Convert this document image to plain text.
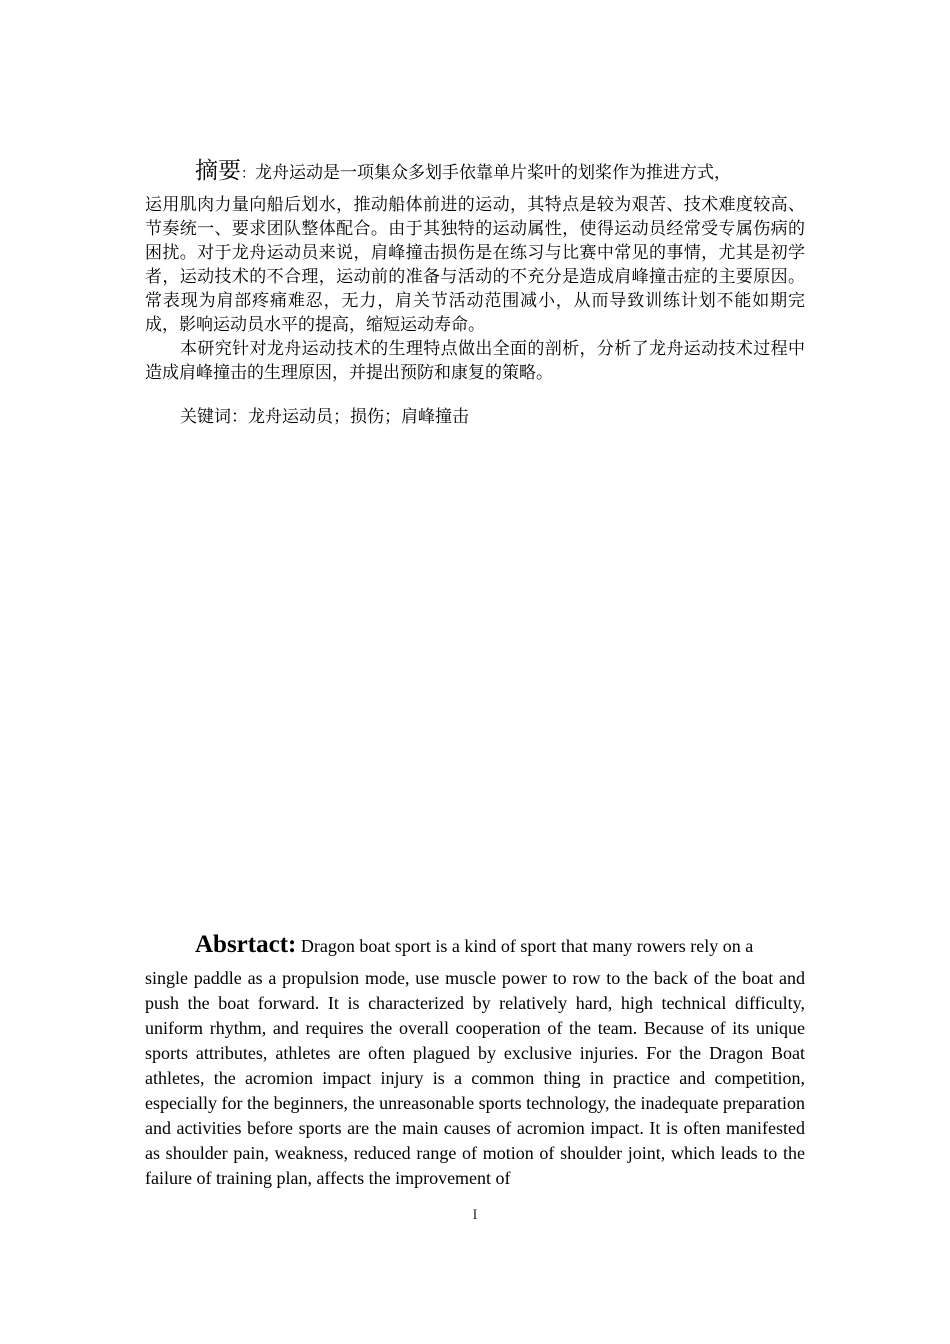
摘要：龙舟运动是一项集众多划手依靠单片桨叶的划桨作为推进方式，

运用肌肉力量向船后划水，推动船体前进的运动，其特点是较为艰苦、技术难度较高、节奏统一、要求团队整体配合。由于其独特的运动属性，使得运动员经常受专属伤病的困扰。对于龙舟运动员来说，肩峰撞击损伤是在练习与比赛中常见的事情，尤其是初学者，运动技术的不合理，运动前的准备与活动的不充分是造成肩峰撞击症的主要原因。常表现为肩部疼痛难忍，无力，肩关节活动范围减小，从而导致训练计划不能如期完成，影响运动员水平的提高，缩短运动寿命。

本研究针对龙舟运动技术的生理特点做出全面的剖析，分析了龙舟运动技术过程中造成肩峰撞击的生理原因，并提出预防和康复的策略。

关键词：龙舟运动员；损伤；肩峰撞击

Absrtact: Dragon boat sport is a kind of sport that many rowers rely on a

single paddle as a propulsion mode, use muscle power to row to the back of the boat and push the boat forward. It is characterized by relatively hard, high technical difficulty, uniform rhythm, and requires the overall cooperation of the team. Because of its unique sports attributes, athletes are often plagued by exclusive injuries. For the Dragon Boat athletes, the acromion impact injury is a common thing in practice and competition, especially for the beginners, the unreasonable sports technology, the inadequate preparation and activities before sports are the main causes of acromion impact. It is often manifested as shoulder pain, weakness, reduced range of motion of shoulder joint, which leads to the failure of training plan, affects the improvement of

I
